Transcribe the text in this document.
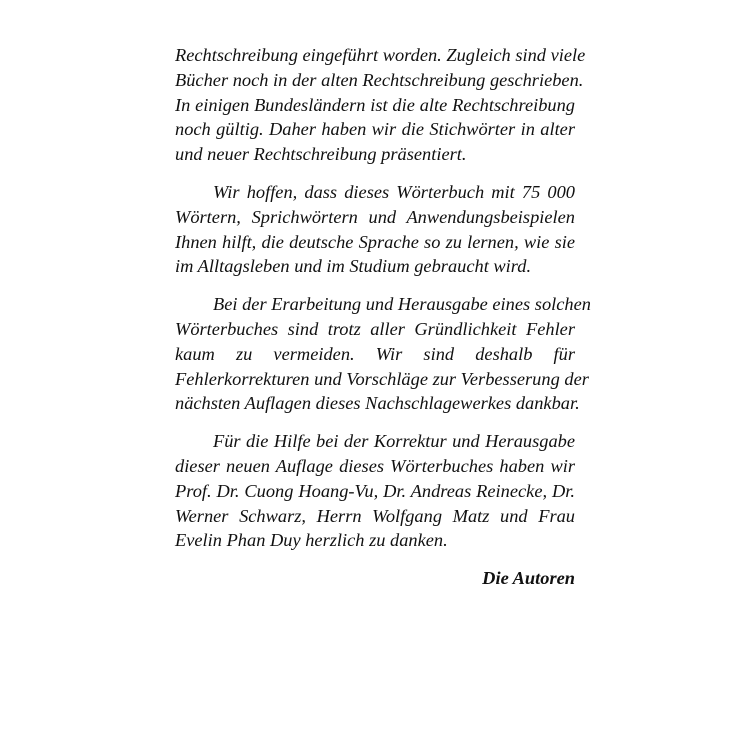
Rechtschreibung eingeführt worden. Zugleich sind viele
Bücher noch in der alten Rechtschreibung geschrieben.
In einigen Bundesländern ist die alte Rechtschreibung
noch gültig. Daher haben wir die Stichwörter in alter
und neuer Rechtschreibung präsentiert.

Wir hoffen, dass dieses Wörterbuch mit 75 000
Wörtern, Sprichwörtern und Anwendungsbeispielen
Ihnen hilft, die deutsche Sprache so zu lernen, wie sie
im Alltagsleben und im Studium gebraucht wird.

Bei der Erarbeitung und Herausgabe eines solchen
Wörterbuches sind trotz aller Gründlichkeit Fehler
kaum zu vermeiden. Wir sind deshalb für
Fehlerkorrekturen und Vorschläge zur Verbesserung der
nächsten Auflagen dieses Nachschlagewerkes dankbar.

Für die Hilfe bei der Korrektur und Herausgabe
dieser neuen Auflage dieses Wörterbuches haben wir
Prof. Dr. Cuong Hoang-Vu, Dr. Andreas Reinecke, Dr.
Werner Schwarz, Herrn Wolfgang Matz und Frau
Evelin Phan Duy herzlich zu danken.

Die Autoren
